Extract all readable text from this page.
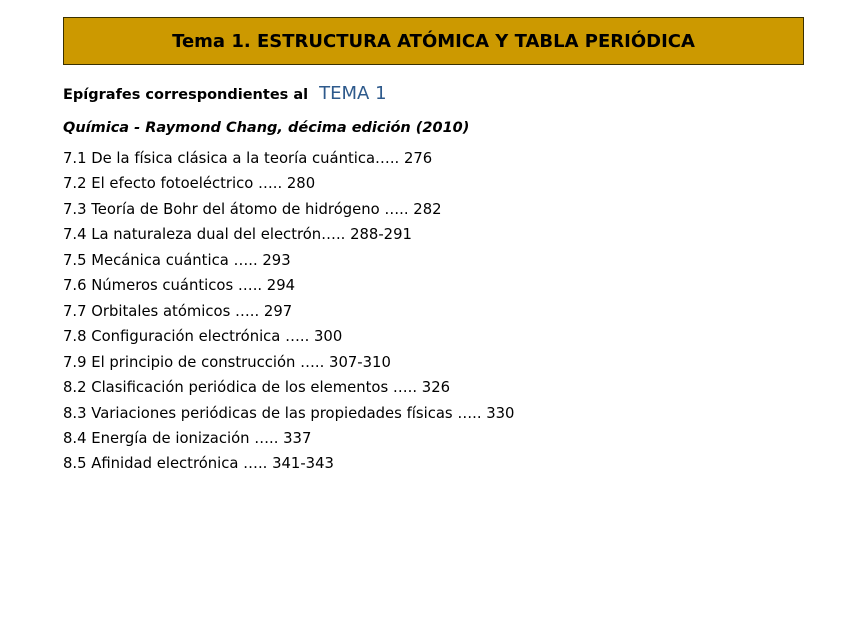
Tema 1. ESTRUCTURA ATÓMICA Y TABLA PERIÓDICA
Epígrafes correspondientes al TEMA 1
Química - Raymond Chang, décima edición (2010)
7.1 De la física clásica a la teoría cuántica….. 276
7.2 El efecto fotoeléctrico ….. 280
7.3 Teoría de Bohr del átomo de hidrógeno ….. 282
7.4 La naturaleza dual del electrón….. 288-291
7.5 Mecánica cuántica ….. 293
7.6 Números cuánticos ….. 294
7.7 Orbitales atómicos ….. 297
7.8 Configuración electrónica ….. 300
7.9 El principio de construcción ….. 307-310
8.2 Clasificación periódica de los elementos ….. 326
8.3 Variaciones periódicas de las propiedades físicas ….. 330
8.4 Energía de ionización ….. 337
8.5 Afinidad electrónica ….. 341-343
